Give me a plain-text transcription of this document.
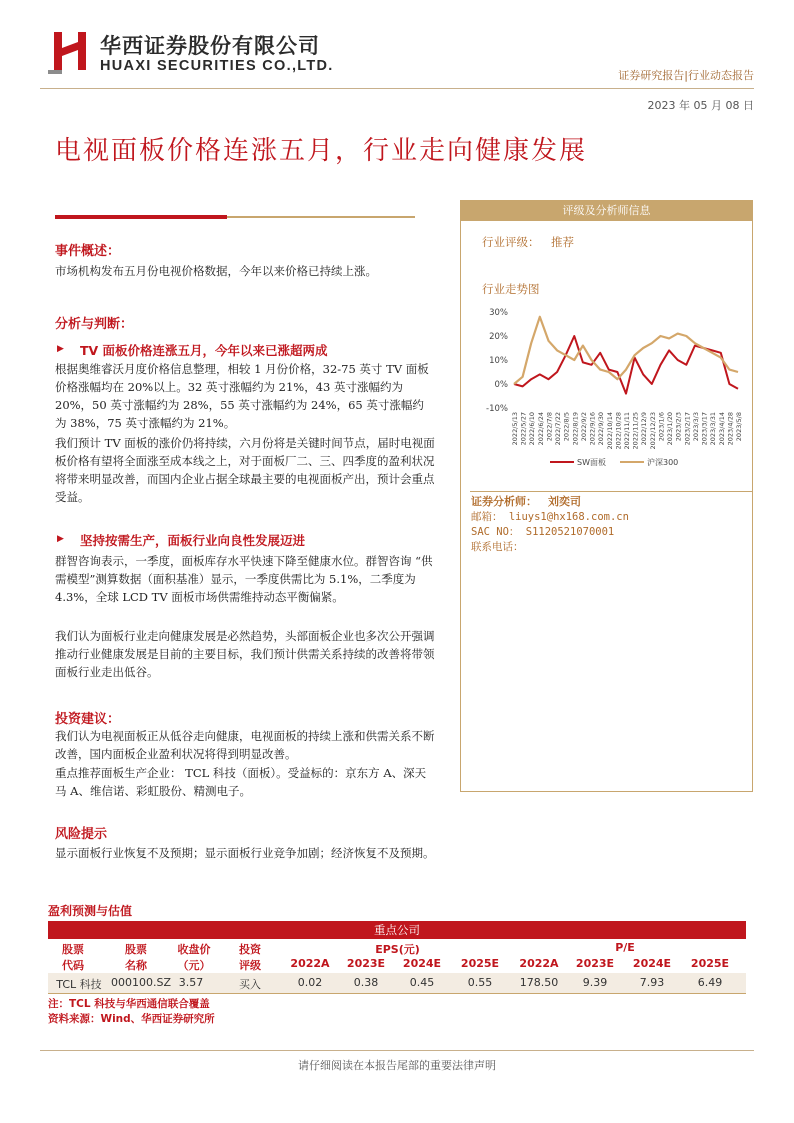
华西证券股份有限公司
HUAXI SECURITIES CO.,LTD.
证券研究报告|行业动态报告
2023 年 05 月 08 日
电视面板价格连涨五月，行业走向健康发展
事件概述：
市场机构发布五月份电视价格数据，今年以来价格已持续上涨。
分析与判断：
▶ TV 面板价格连涨五月，今年以来已涨超两成
根据奥维睿沃月度价格信息整理，相较 1 月份价格，32-75 英寸 TV 面板价格涨幅均在 20%以上。32 英寸涨幅约为 21%，43 英寸涨幅约为 20%，50 英寸涨幅约为 28%，55 英寸涨幅约为 24%，65 英寸涨幅约为 38%，75 英寸涨幅约为 21%。
我们预计 TV 面板的涨价仍将持续，六月份将是关键时间节点，届时电视面板价格有望将全面涨至成本线之上，对于面板厂二、三、四季度的盈利状况将带来明显改善，而国内企业占据全球最主要的电视面板产出，预计会重点受益。
▶ 坚持按需生产，面板行业向良性发展迈进
群智咨询表示，一季度，面板库存水平快速下降至健康水位。群智咨询 “供需模型”测算数据（面积基准）显示，一季度供需比为 5.1%，二季度为 4.3%，全球 LCD TV 面板市场供需维持动态平衡偏紧。
我们认为面板行业走向健康发展是必然趋势，头部面板企业也多次公开强调推动行业健康发展是目前的主要目标，我们预计供需关系持续的改善将带领面板行业走出低谷。
投资建议：
我们认为电视面板正从低谷走向健康，电视面板的持续上涨和供需关系不断改善，国内面板企业盈利状况将得到明显改善。
重点推荐面板生产企业： TCL 科技（面板）。受益标的：京东方 A、深天马 A、维信诺、彩虹股份、精测电子。
风险提示
显示面板行业恢复不及预期；显示面板行业竞争加剧；经济恢复不及预期。
评级及分析师信息
行业评级： 推荐
行业走势图
30%
20%
10%
0%
-10%
2022/5/13 2022/5/27 2022/6/10 2022/6/24 2022/7/8 2022/7/22 2022/8/5 2022/8/19 2022/9/2 2022/9/16 2022/9/30 2022/10/14 2022/10/28 2022/11/11 2022/11/25 2022/12/9 2022/12/23 2023/1/6 2023/1/20 2023/2/3 2023/2/17 2023/3/3 2023/3/17 2023/3/31 2023/4/14 2023/4/28 2023/5/8
SW面板	沪深300
证券分析师： 刘奕司
邮箱： liuys1@hx168.com.cn
SAC NO： S1120521070001
联系电话：
盈利预测与估值
重点公司
股票
代码
股票
名称
收盘价
（元）
投资
评级
EPS(元)	P/E
2022A	2023E	2024E	2025E	2022A	2023E	2024E	2025E
TCL 科技 000100.SZ 3.57	买入	0.02	0.38	0.45	0.55	178.50	9.39	7.93	6.49
注：TCL 科技与华西通信联合覆盖
资料来源：Wind、华西证券研究所
请仔细阅读在本报告尾部的重要法律声明
